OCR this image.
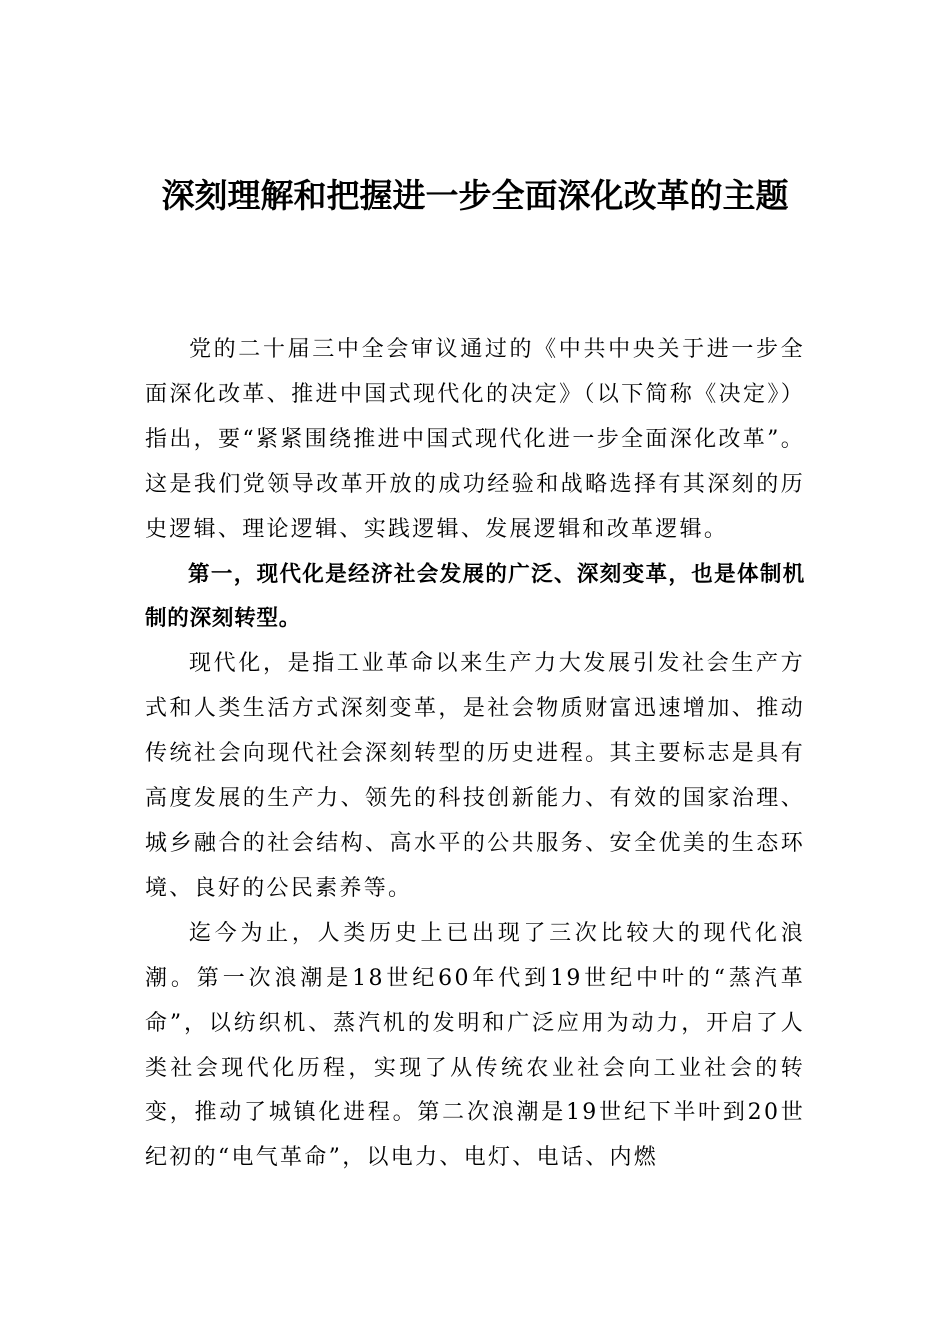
深刻理解和把握进一步全面深化改革的主题

党的二十届三中全会审议通过的《中共中央关于进一步全面深化改革、推进中国式现代化的决定》（以下简称《决定》）指出，要“紧紧围绕推进中国式现代化进一步全面深化改革”。这是我们党领导改革开放的成功经验和战略选择有其深刻的历史逻辑、理论逻辑、实践逻辑、发展逻辑和改革逻辑。

第一，现代化是经济社会发展的广泛、深刻变革，也是体制机制的深刻转型。

现代化，是指工业革命以来生产力大发展引发社会生产方式和人类生活方式深刻变革，是社会物质财富迅速增加、推动传统社会向现代社会深刻转型的历史进程。其主要标志是具有高度发展的生产力、领先的科技创新能力、有效的国家治理、城乡融合的社会结构、高水平的公共服务、安全优美的生态环境、良好的公民素养等。

迄今为止，人类历史上已出现了三次比较大的现代化浪潮。第一次浪潮是18世纪60年代到19世纪中叶的“蒸汽革命”，以纺织机、蒸汽机的发明和广泛应用为动力，开启了人类社会现代化历程，实现了从传统农业社会向工业社会的转变，推动了城镇化进程。第二次浪潮是19世纪下半叶到20世纪初的“电气革命”，以电力、电灯、电话、内燃
